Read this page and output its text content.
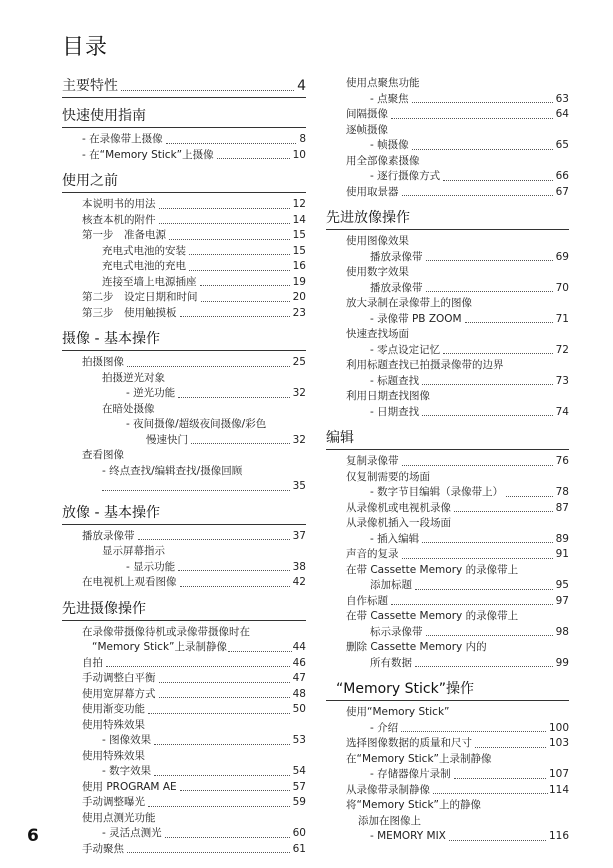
目录
主要特性	4
快速使用指南
- 在录像带上摄像	8
- 在“Memory Stick”上摄像	10
使用之前
本说明书的用法	12
核查本机的附件	14
第一步　准备电源	15
充电式电池的安装	15
充电式电池的充电	16
连接至墙上电源插座	19
第二步　设定日期和时间	20
第三步　使用触摸板	23
摄像 - 基本操作
拍摄图像	25
拍摄逆光对象
- 逆光功能	32
在暗处摄像
- 夜间摄像/超级夜间摄像/彩色
慢速快门	32
查看图像
- 终点查找/编辑查找/摄像回顾
35
放像 - 基本操作
播放录像带	37
显示屏幕指示
- 显示功能	38
在电视机上观看图像	42
先进摄像操作
在录像带摄像待机或录像带摄像时在
“Memory Stick”上录制静像	44
自拍	46
手动调整白平衡	47
使用宽屏幕方式	48
使用渐变功能	50
使用特殊效果
- 图像效果	53
使用特殊效果
- 数字效果	54
使用 PROGRAM AE	57
手动调整曝光	59
使用点测光功能
- 灵活点测光	60
手动聚焦	61
使用点聚焦功能
- 点聚焦	63
间隔摄像	64
逐帧摄像
- 帧摄像	65
用全部像素摄像
- 逐行摄像方式	66
使用取景器	67
先进放像操作
使用图像效果
播放录像带	69
使用数字效果
播放录像带	70
放大录制在录像带上的图像
- 录像带 PB ZOOM	71
快速查找场面
- 零点设定记忆	72
利用标题查找已拍摄录像带的边界
- 标题查找	73
利用日期查找图像
- 日期查找	74
编辑
复制录像带	76
仅复制需要的场面
- 数字节目编辑（录像带上）	78
从录像机或电视机录像	87
从录像机插入一段场面
- 插入编辑	89
声音的复录	91
在带 Cassette Memory 的录像带上
添加标题	95
自作标题	97
在带 Cassette Memory 的录像带上
标示录像带	98
删除 Cassette Memory 内的
所有数据	99
“Memory Stick”操作
使用“Memory Stick”
- 介绍	100
选择图像数据的质量和尺寸	103
在“Memory Stick”上录制静像
- 存储器像片录制	107
从录像带录制静像	114
将“Memory Stick”上的静像
添加在图像上
- MEMORY MIX	116
6
